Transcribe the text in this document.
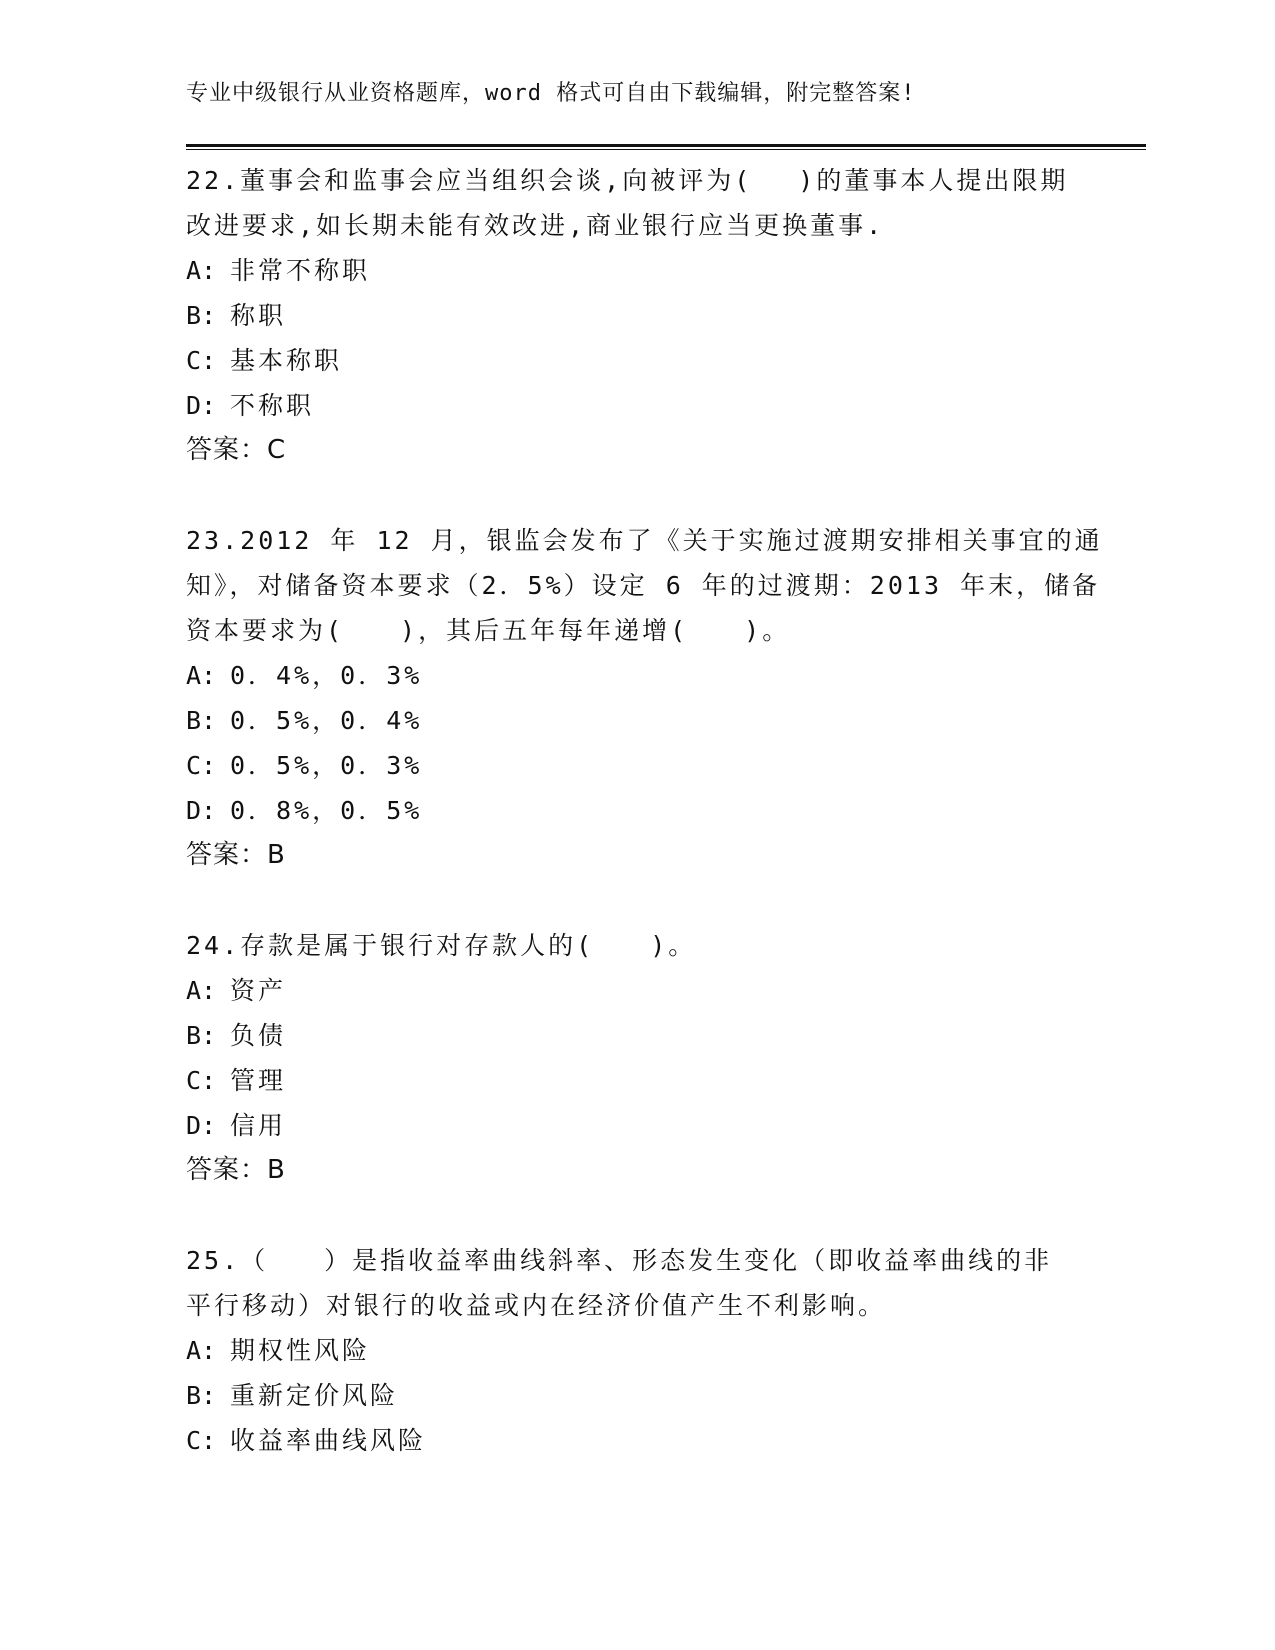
专业中级银行从业资格题库，word 格式可自由下载编辑，附完整答案!
22.董事会和监事会应当组织会谈,向被评为(　 )的董事本人提出限期
改进要求,如长期未能有效改进,商业银行应当更换董事.
A: 非常不称职
B: 称职
C: 基本称职
D: 不称职
答案：C
23.2012 年 12 月，银监会发布了《关于实施过渡期安排相关事宜的通
知》，对储备资本要求（2．5%）设定 6 年的过渡期：2013 年末，储备
资本要求为(　　)，其后五年每年递增(　　)。
A: 0．4%，0．3%
B: 0．5%，0．4%
C: 0．5%，0．3%
D: 0．8%，0．5%
答案：B
24.存款是属于银行对存款人的(　　)。
A: 资产
B: 负债
C: 管理
D: 信用
答案：B
25.（　　）是指收益率曲线斜率、形态发生变化（即收益率曲线的非
平行移动）对银行的收益或内在经济价值产生不利影响。
A: 期权性风险
B: 重新定价风险
C: 收益率曲线风险
